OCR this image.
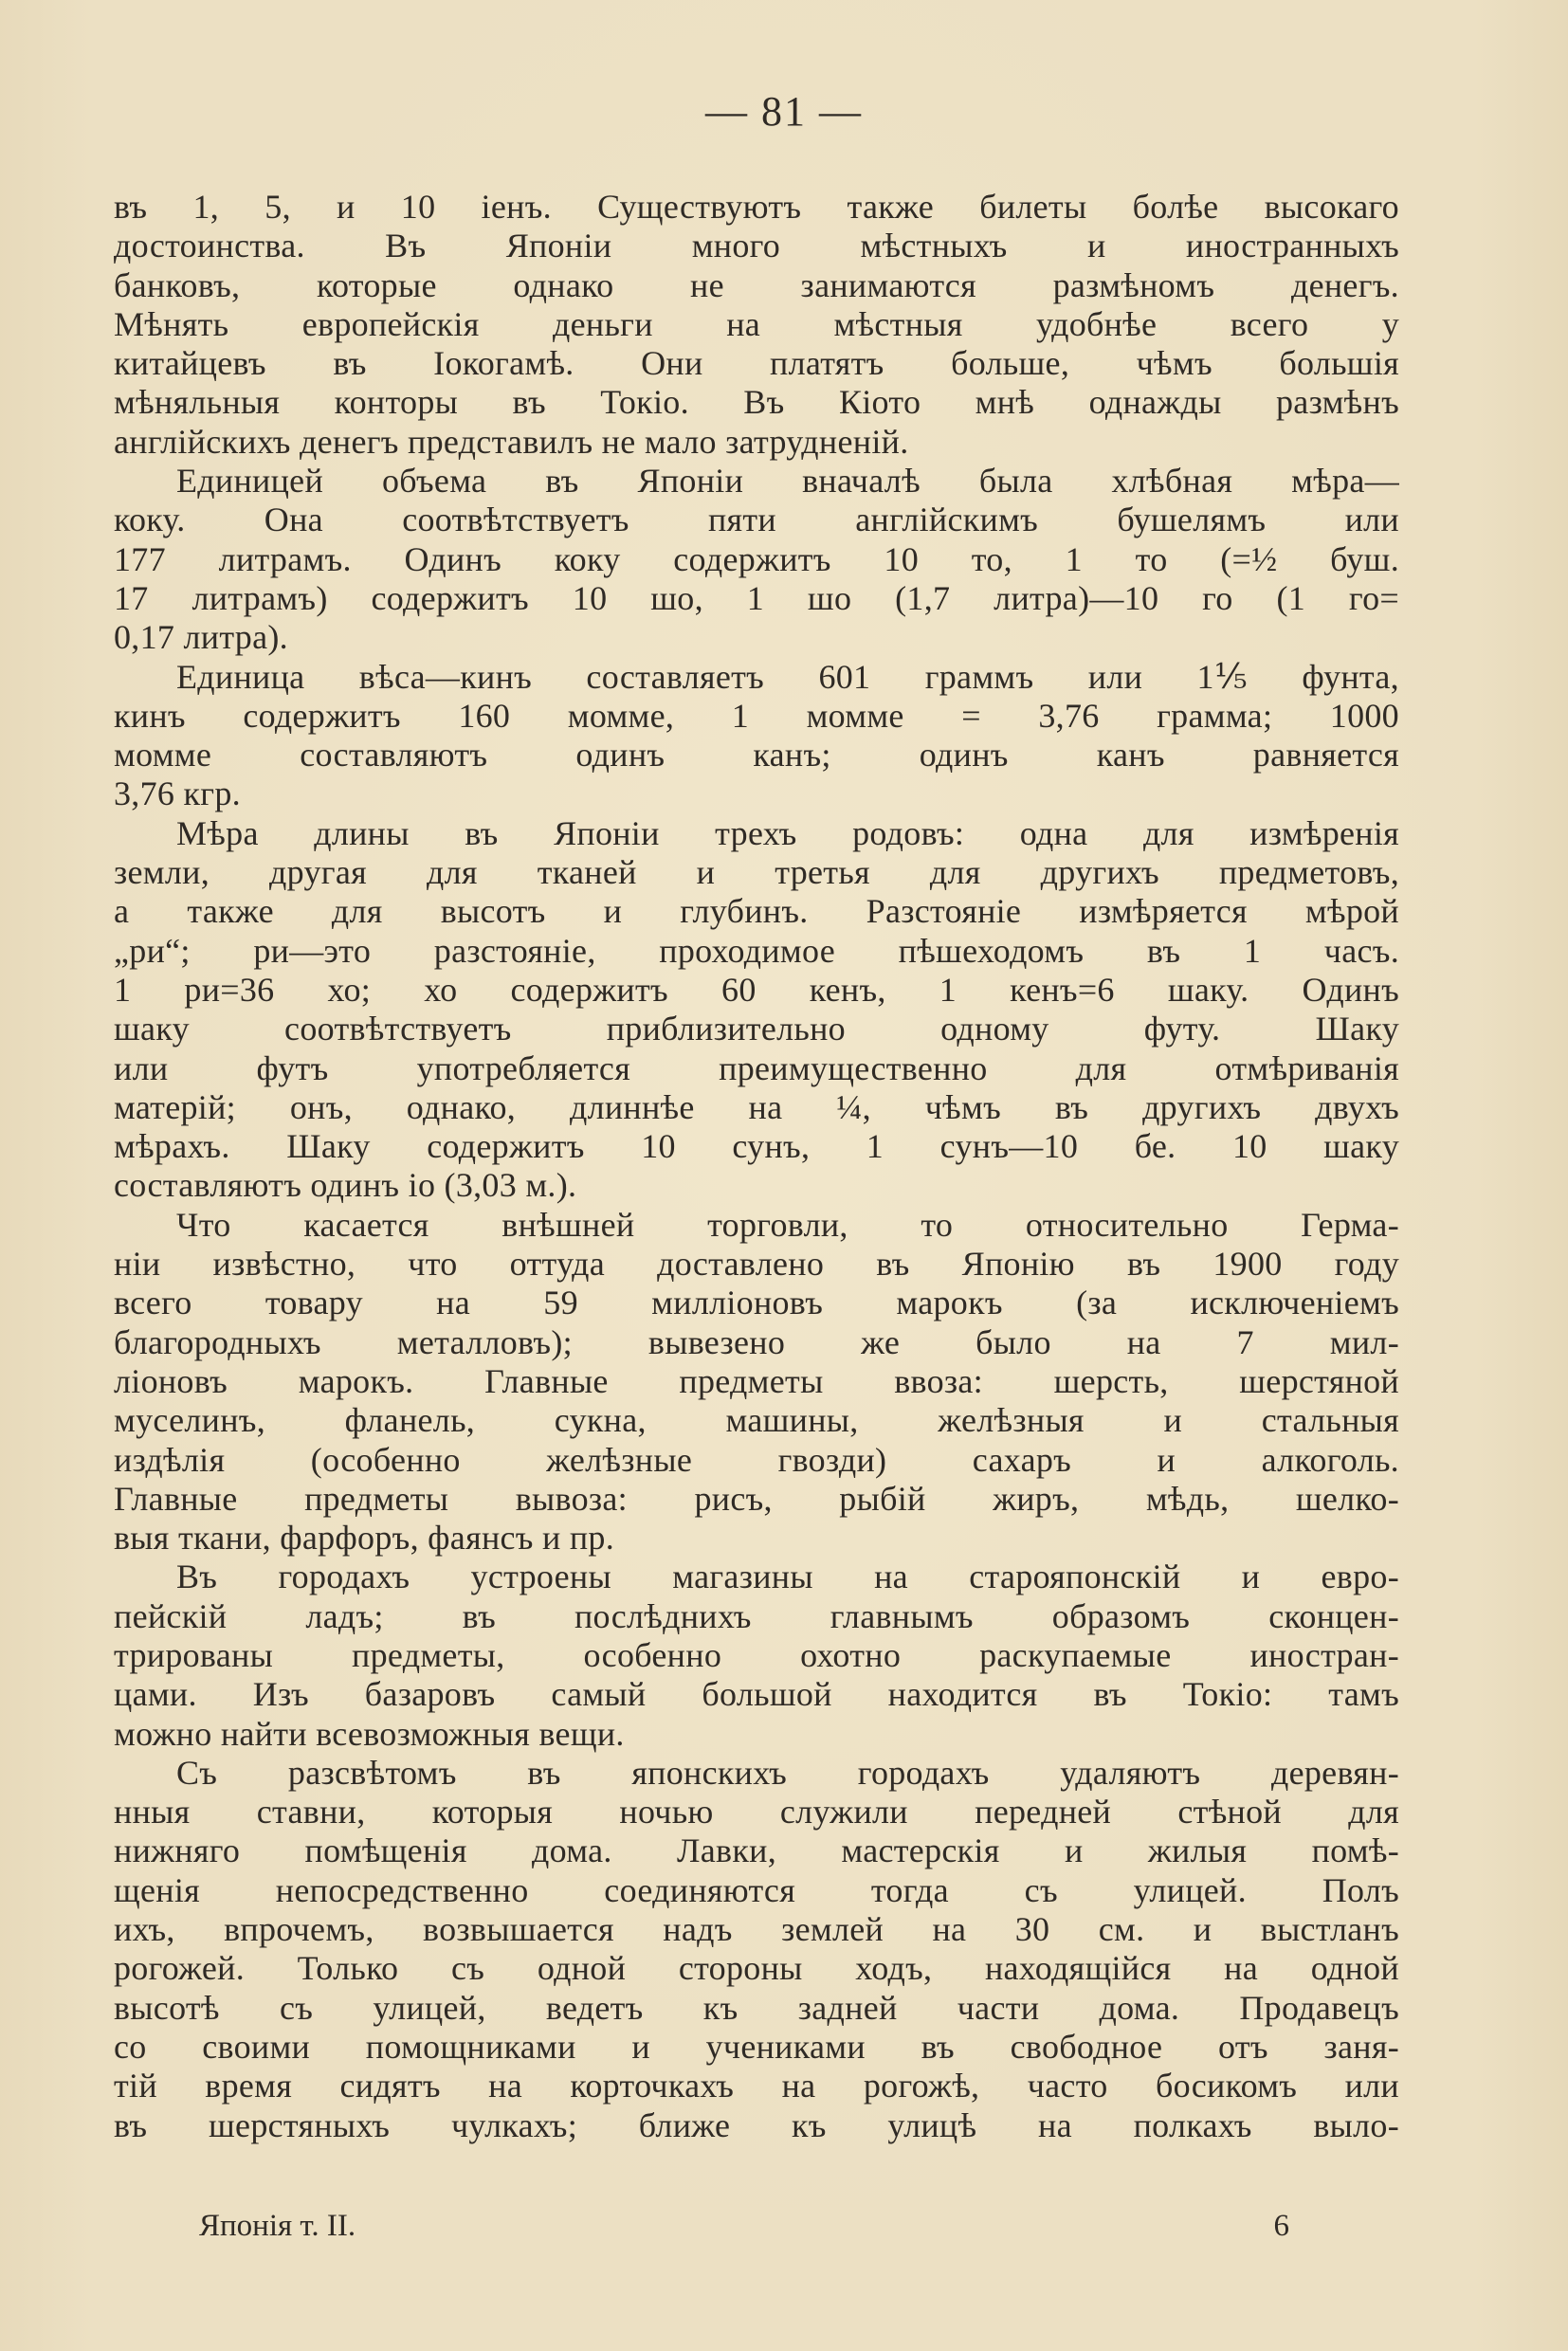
— 81 —
въ 1, 5, и 10 іенъ. Существуютъ также билеты болѣе высокаго
достоинства. Въ Японіи много мѣстныхъ и иностранныхъ
банковъ, которые однако не занимаются размѣномъ денегъ.
Мѣнять европейскія деньги на мѣстныя удобнѣе всего у
китайцевъ въ Іокогамѣ. Они платятъ больше, чѣмъ большія
мѣняльныя конторы въ Токіо. Въ Кіото мнѣ однажды размѣнъ
англійскихъ денегъ представилъ не мало затрудненій.
Единицей объема въ Японіи вначалѣ была хлѣбная мѣра—
коку. Она соотвѣтствуетъ пяти англійскимъ бушелямъ или
177 литрамъ. Одинъ коку содержитъ 10 то, 1 то (=½ буш.
17 литрамъ) содержитъ 10 шо, 1 шо (1,7 литра)—10 го (1 го=
0,17 литра).
Единица вѣса—кинъ составляетъ 601 граммъ или 1⅕ фунта,
кинъ содержитъ 160 момме, 1 момме = 3,76 грамма; 1000
момме составляютъ одинъ канъ; одинъ канъ равняется
3,76 кгр.
Мѣра длины въ Японіи трехъ родовъ: одна для измѣренія
земли, другая для тканей и третья для другихъ предметовъ,
а также для высотъ и глубинъ. Разстояніе измѣряется мѣрой
„ри“; ри—это разстояніе, проходимое пѣшеходомъ въ 1 часъ.
1 ри=36 хо; хо содержитъ 60 кенъ, 1 кенъ=6 шаку. Одинъ
шаку соотвѣтствуетъ приблизительно одному футу. Шаку
или футъ употребляется преимущественно для отмѣриванія
матерій; онъ, однако, длиннѣе на ¼, чѣмъ въ другихъ двухъ
мѣрахъ. Шаку содержитъ 10 сунъ, 1 сунъ—10 бе. 10 шаку
составляютъ одинъ іо (3,03 м.).
Что касается внѣшней торговли, то относительно Герма-
ніи извѣстно, что оттуда доставлено въ Японію въ 1900 году
всего товару на 59 милліоновъ марокъ (за исключеніемъ
благородныхъ металловъ); вывезено же было на 7 мил-
ліоновъ марокъ. Главные предметы ввоза: шерсть, шерстяной
муселинъ, фланель, сукна, машины, желѣзныя и стальныя
издѣлія (особенно желѣзные гвозди) сахаръ и алкоголь.
Главные предметы вывоза: рисъ, рыбій жиръ, мѣдь, шелко-
выя ткани, фарфоръ, фаянсъ и пр.
Въ городахъ устроены магазины на старояпонскій и евро-
пейскій ладъ; въ послѣднихъ главнымъ образомъ сконцен-
трированы предметы, особенно охотно раскупаемые иностран-
цами. Изъ базаровъ самый большой находится въ Токіо: тамъ
можно найти всевозможныя вещи.
Съ разсвѣтомъ въ японскихъ городахъ удаляютъ деревян-
нныя ставни, которыя ночью служили передней стѣной для
нижняго помѣщенія дома. Лавки, мастерскія и жилыя помѣ-
щенія непосредственно соединяются тогда съ улицей. Полъ
ихъ, впрочемъ, возвышается надъ землей на 30 см. и выстланъ
рогожей. Только съ одной стороны ходъ, находящійся на одной
высотѣ съ улицей, ведетъ къ задней части дома. Продавецъ
со своими помощниками и учениками въ свободное отъ заня-
тій время сидятъ на корточкахъ на рогожѣ, часто босикомъ или
въ шерстяныхъ чулкахъ; ближе къ улицѣ на полкахъ выло-
Японія т. II.	6
